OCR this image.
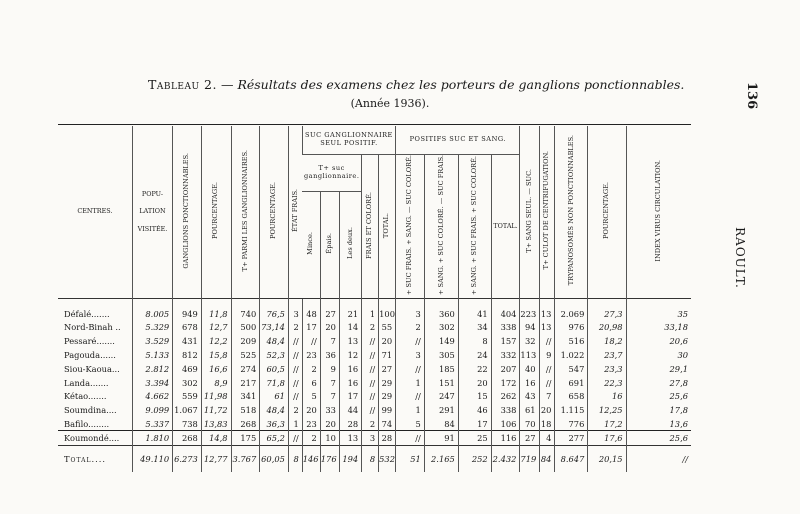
136
RAOULT.
Tableau 2. — Résultats des examens chez les porteurs de ganglions ponctionnables.
(Année 1936).
CENTRES.	POPU-
LATION
VISITÉE.	GANGLIONS PONCTIONNABLES.	POURCENTAGE.	T+ PARMI LES GANGLIONNAIRES.	POURCENTAGE.	ÉTAT FRAIS.	SUC GANGLIONNAIRE SEUL POSITIF.					POSITIFS SUC ET SANG.				T+ SANG SEUL. — SUC.	T+ CULOT DE CENTRIFUGATION.	TRYPANOSOMÉS NON PONCTIONNABLES.	POURCENTAGE.	INDEX VIRUS CIRCULATION.
							T+ suc ganglionnaire.			FRAIS ET COLORÉ.	TOTAL.	+ SUC FRAIS. + SANG. — SUC COLORÉ.	+ SANG. + SUC COLORÉ. — SUC FRAIS.	+ SANG. + SUC FRAIS. + SUC COLORÉ.	TOTAL.					
							Mince.	Épais.	Les deux.											

Défalé.......	8.005	949	11,8	740	76,5	3	48	27	21	1	100	3	360	41	404	223	13	2.069	27,3	35
Nord-Binah ..	5.329	678	12,7	500	73,14	2	17	20	14	2	55	2	302	34	338	94	13	976	20,98	33,18
Pessaré.......	3.529	431	12,2	209	48,4	//	//	7	13	//	20	//	149	8	157	32	//	516	18,2	20,6
Pagouda......	5.133	812	15,8	525	52,3	//	23	36	12	//	71	3	305	24	332	113	9	1.022	23,7	30
Siou-Kaoua...	2.812	469	16,6	274	60,5	//	2	9	16	//	27	//	185	22	207	40	//	547	23,3	29,1
Landa.......	3.394	302	8,9	217	71,8	//	6	7	16	//	29	1	151	20	172	16	//	691	22,3	27,8
Kétao.......	4.662	559	11,98	341	61	//	5	7	17	//	29	//	247	15	262	43	7	658	16	25,6
Soumdina....	9.099	1.067	11,72	518	48,4	2	20	33	44	//	99	1	291	46	338	61	20	1.115	12,25	17,8
Bafilo........	5.337	738	13,83	268	36,3	1	23	20	28	2	74	5	84	17	106	70	18	776	17,2	13,6
Koumondé....	1.810	268	14,8	175	65,2	//	2	10	13	3	28	//	91	25	116	27	4	277	17,6	25,6
Total....	49.110	6.273	12,77	3.767	60,05	8	146	176	194	8	532	51	2.165	252	2.432	719	84	8.647	20,15	//
